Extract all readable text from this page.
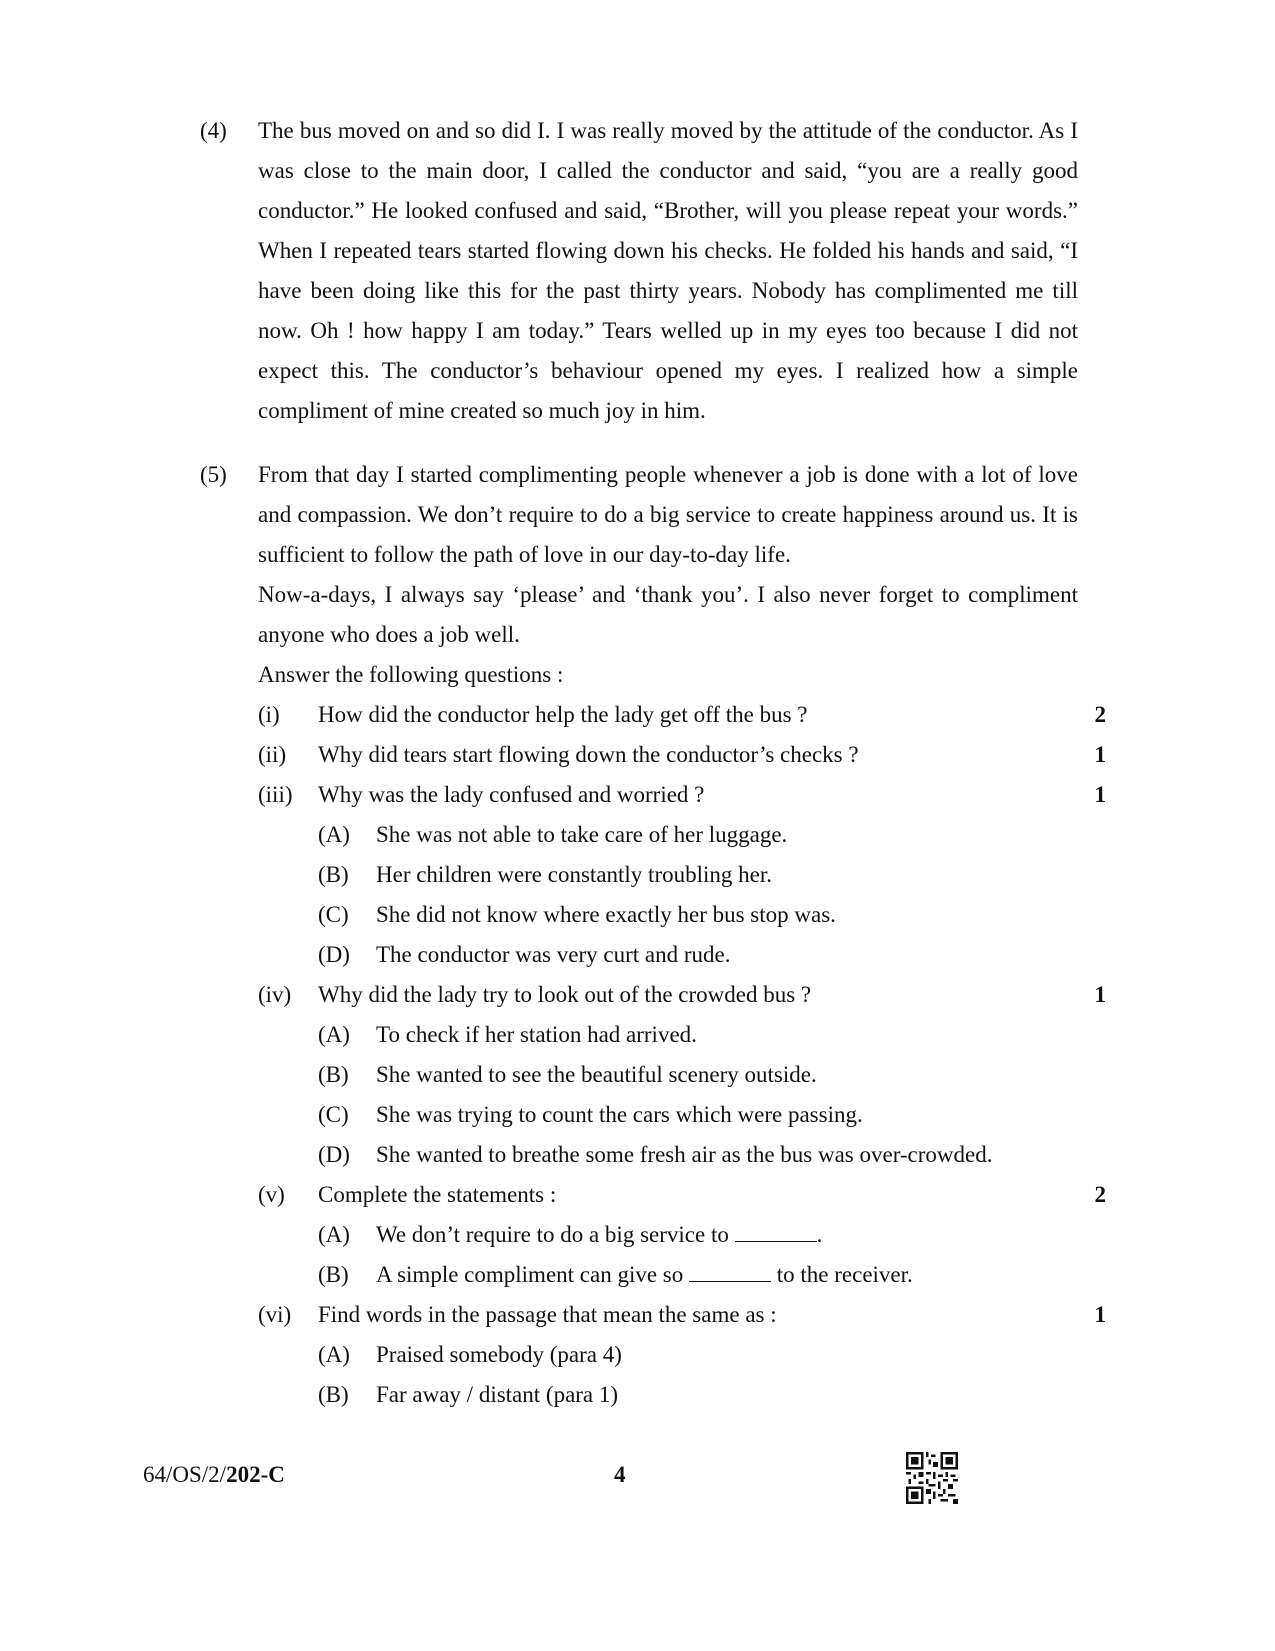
(4) The bus moved on and so did I. I was really moved by the attitude of the conductor. As I was close to the main door, I called the conductor and said, “you are a really good conductor.” He looked confused and said, “Brother, will you please repeat your words.” When I repeated tears started flowing down his checks. He folded his hands and said, “I have been doing like this for the past thirty years. Nobody has complimented me till now. Oh ! how happy I am today.” Tears welled up in my eyes too because I did not expect this. The conductor’s behaviour opened my eyes. I realized how a simple compliment of mine created so much joy in him.

(5) From that day I started complimenting people whenever a job is done with a lot of love and compassion. We don’t require to do a big service to create happiness around us. It is sufficient to follow the path of love in our day-to-day life.

Now-a-days, I always say ‘please’ and ‘thank you’. I also never forget to compliment anyone who does a job well.

Answer the following questions :

(i) How did the conductor help the lady get off the bus ?	2
(ii) Why did tears start flowing down the conductor’s checks ?	1
(iii) Why was the lady confused and worried ?	1
(A) She was not able to take care of her luggage.
(B) Her children were constantly troubling her.
(C) She did not know where exactly her bus stop was.
(D) The conductor was very curt and rude.
(iv) Why did the lady try to look out of the crowded bus ?	1
(A) To check if her station had arrived.
(B) She wanted to see the beautiful scenery outside.
(C) She was trying to count the cars which were passing.
(D) She wanted to breathe some fresh air as the bus was over-crowded.
(v) Complete the statements :	2
(A) We don’t require to do a big service to	.
(B) A simple compliment can give so	to the receiver.
(vi) Find words in the passage that mean the same as :	1
(A) Praised somebody (para 4)
(B) Far away / distant (para 1)
64/OS/2/202-C	4
